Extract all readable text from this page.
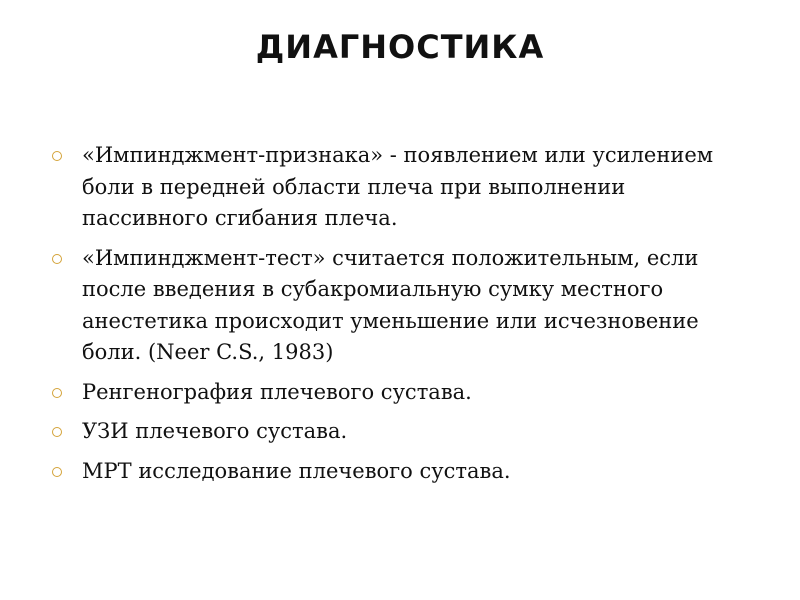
ДИАГНОСТИКА
«Импинджмент-признака» - появлением или усилением боли в передней области плеча при выполнении пассивного сгибания плеча.
«Импинджмент-тест» считается положительным, если после введения в субакромиальную сумку местного анестетика происходит уменьшение или исчезновение боли. (Neer C.S., 1983)
Ренгенография плечевого сустава.
УЗИ плечевого сустава.
МРТ исследование плечевого сустава.
